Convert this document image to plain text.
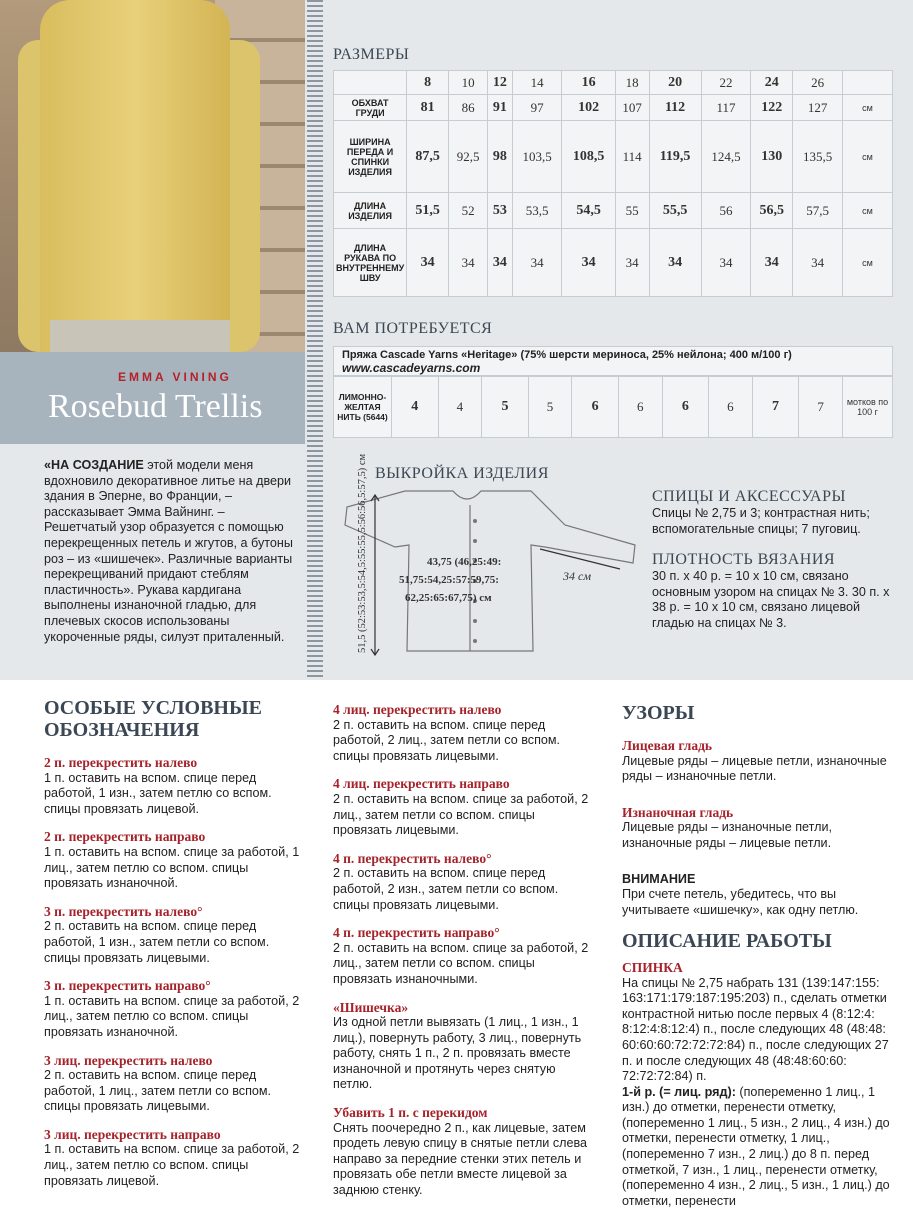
EMMA VINING
Rosebud Trellis
«НА СОЗДАНИЕ этой модели меня вдохновило декоративное литье на двери здания в Эперне, во Франции, – рассказывает Эмма Вайнинг. – Решетчатый узор образуется с помощью перекрещенных петель и жгутов, а бутоны роз – из «шишечек». Различные варианты перекрещиваний придают стеблям пластичность». Рукава кардигана выполнены изнаночной гладью, для плечевых скосов использованы укороченные ряды, силуэт приталенный.
РАЗМЕРЫ
	8	10	12	14	16	18	20	22	24	26	
ОБХВАТ ГРУДИ	81	86	91	97	102	107	112	117	122	127	см
ШИРИНА ПЕРЕДА И СПИНКИ ИЗДЕЛИЯ	87,5	92,5	98	103,5	108,5	114	119,5	124,5	130	135,5	см
ДЛИНА ИЗДЕЛИЯ	51,5	52	53	53,5	54,5	55	55,5	56	56,5	57,5	см
ДЛИНА РУКАВА ПО ВНУТРЕННЕМУ ШВУ	34	34	34	34	34	34	34	34	34	34	см
ВАМ ПОТРЕБУЕТСЯ
Пряжа Cascade Yarns «Heritage» (75% шерсти мериноса, 25% нейлона; 400 м/100 г)
www.cascadeyarns.com
ЛИМОННО-ЖЕЛТАЯ НИТЬ (5644)	4	4	5	5	6	6	6	6	7	7	мотков по 100 г
ВЫКРОЙКА ИЗДЕЛИЯ
51,5 (52:53:53,5:54,5:55:55,5:56:56,5:57,5) см	43,75 (46,25:49:
51,75:54,25:57:59,75:
62,25:65:67,75) см
34 см
СПИЦЫ И АКСЕССУАРЫ
Спицы № 2,75 и 3; контрастная нить; вспомогательные спицы; 7 пуговиц.
ПЛОТНОСТЬ ВЯЗАНИЯ
30 п. х 40 р. = 10 х 10 см, связано основным узором на спицах № 3. 30 п. х 38 р. = 10 х 10 см, связано лицевой гладью на спицах № 3.
ОСОБЫЕ УСЛОВНЫЕ ОБОЗНАЧЕНИЯ
2 п. перекрестить налево
1 п. оставить на вспом. спице перед работой, 1 изн., затем петлю со вспом. спицы провязать лицевой.
2 п. перекрестить направо
1 п. оставить на вспом. спице за работой, 1 лиц., затем петлю со вспом. спицы провязать изнаночной.
3 п. перекрестить налево°
2 п. оставить на вспом. спице перед работой, 1 изн., затем петли со вспом. спицы провязать лицевыми.
3 п. перекрестить направо°
1 п. оставить на вспом. спице за работой, 2 лиц., затем петлю со вспом. спицы провязать изнаночной.
3 лиц. перекрестить налево
2 п. оставить на вспом. спице перед работой, 1 лиц., затем петли со вспом. спицы провязать лицевыми.
3 лиц. перекрестить направо
1 п. оставить на вспом. спице за работой, 2 лиц., затем петлю со вспом. спицы провязать лицевой.
4 лиц. перекрестить налево
2 п. оставить на вспом. спице перед работой, 2 лиц., затем петли со вспом. спицы провязать лицевыми.
4 лиц. перекрестить направо
2 п. оставить на вспом. спице за работой, 2 лиц., затем петли со вспом. спицы провязать лицевыми.
4 п. перекрестить налево°
2 п. оставить на вспом. спице перед работой, 2 изн., затем петли со вспом. спицы провязать лицевыми.
4 п. перекрестить направо°
2 п. оставить на вспом. спице за работой, 2 лиц., затем петли со вспом. спицы провязать изнаночными.
«Шишечка»
Из одной петли вывязать (1 лиц., 1 изн., 1 лиц.), повернуть работу, 3 лиц., повернуть работу, снять 1 п., 2 п. провязать вместе изнаночной и протянуть через снятую петлю.
Убавить 1 п. с перекидом
Снять поочередно 2 п., как лицевые, затем продеть левую спицу в снятые петли слева направо за передние стенки этих петель и провязать обе петли вместе лицевой за заднюю стенку.
УЗОРЫ
Лицевая гладь
Лицевые ряды – лицевые петли, изнаночные ряды – изнаночные петли.
Изнаночная гладь
Лицевые ряды – изнаночные петли, изнаночные ряды – лицевые петли.
ВНИМАНИЕ
При счете петель, убедитесь, что вы учитываете «шишечку», как одну петлю.
ОПИСАНИЕ РАБОТЫ
СПИНКА
На спицы № 2,75 набрать 131 (139:147:155: 163:171:179:187:195:203) п., сделать отметки контрастной нитью после первых 4 (8:12:4: 8:12:4:8:12:4) п., после следующих 48 (48:48: 60:60:60:72:72:72:84) п., после следующих 27 п. и после следующих 48 (48:48:60:60: 72:72:72:84) п.
1-й р. (= лиц. ряд): (попеременно 1 лиц., 1 изн.) до отметки, перенести отметку, (попеременно 1 лиц., 5 изн., 2 лиц., 4 изн.) до отметки, перенести отметку, 1 лиц., (попеременно 7 изн., 2 лиц.) до 8 п. перед отметкой, 7 изн., 1 лиц., перенести отметку, (попеременно 4 изн., 2 лиц., 5 изн., 1 лиц.) до отметки, перенести
